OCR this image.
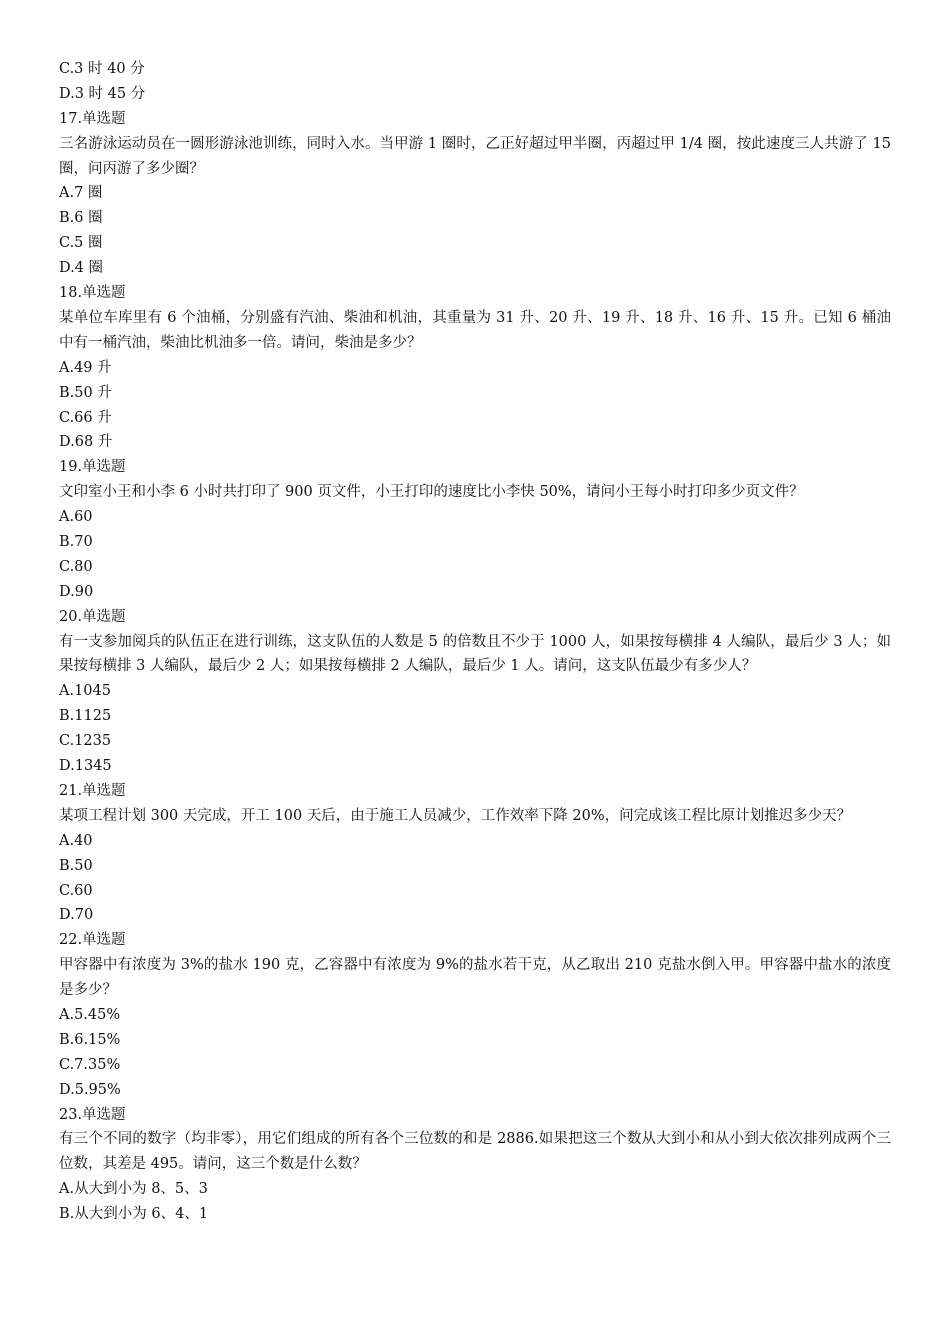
C.3 时 40 分
D.3 时 45 分
17.单选题
三名游泳运动员在一圆形游泳池训练，同时入水。当甲游 1 圈时，乙正好超过甲半圈，丙超过甲 1/4 圈，按此速度三人共游了 15 圈，问丙游了多少圈？
A.7 圈
B.6 圈
C.5 圈
D.4 圈
18.单选题
某单位车库里有 6 个油桶，分别盛有汽油、柴油和机油，其重量为 31 升、20 升、19 升、18 升、16 升、15 升。已知 6 桶油中有一桶汽油，柴油比机油多一倍。请问，柴油是多少？
A.49 升
B.50 升
C.66 升
D.68 升
19.单选题
文印室小王和小李 6 小时共打印了 900 页文件，小王打印的速度比小李快 50%，请问小王每小时打印多少页文件？
A.60
B.70
C.80
D.90
20.单选题
有一支参加阅兵的队伍正在进行训练，这支队伍的人数是 5 的倍数且不少于 1000 人，如果按每横排 4 人编队，最后少 3 人；如果按每横排 3 人编队，最后少 2 人；如果按每横排 2 人编队，最后少 1 人。请问，这支队伍最少有多少人？
A.1045
B.1125
C.1235
D.1345
21.单选题
某项工程计划 300 天完成，开工 100 天后，由于施工人员减少，工作效率下降 20%，问完成该工程比原计划推迟多少天？
A.40
B.50
C.60
D.70
22.单选题
甲容器中有浓度为 3%的盐水 190 克，乙容器中有浓度为 9%的盐水若干克，从乙取出 210 克盐水倒入甲。甲容器中盐水的浓度是多少？
A.5.45%
B.6.15%
C.7.35%
D.5.95%
23.单选题
有三个不同的数字（均非零），用它们组成的所有各个三位数的和是 2886.如果把这三个数从大到小和从小到大依次排列成两个三位数，其差是 495。请问，这三个数是什么数？
A.从大到小为 8、5、3
B.从大到小为 6、4、1
